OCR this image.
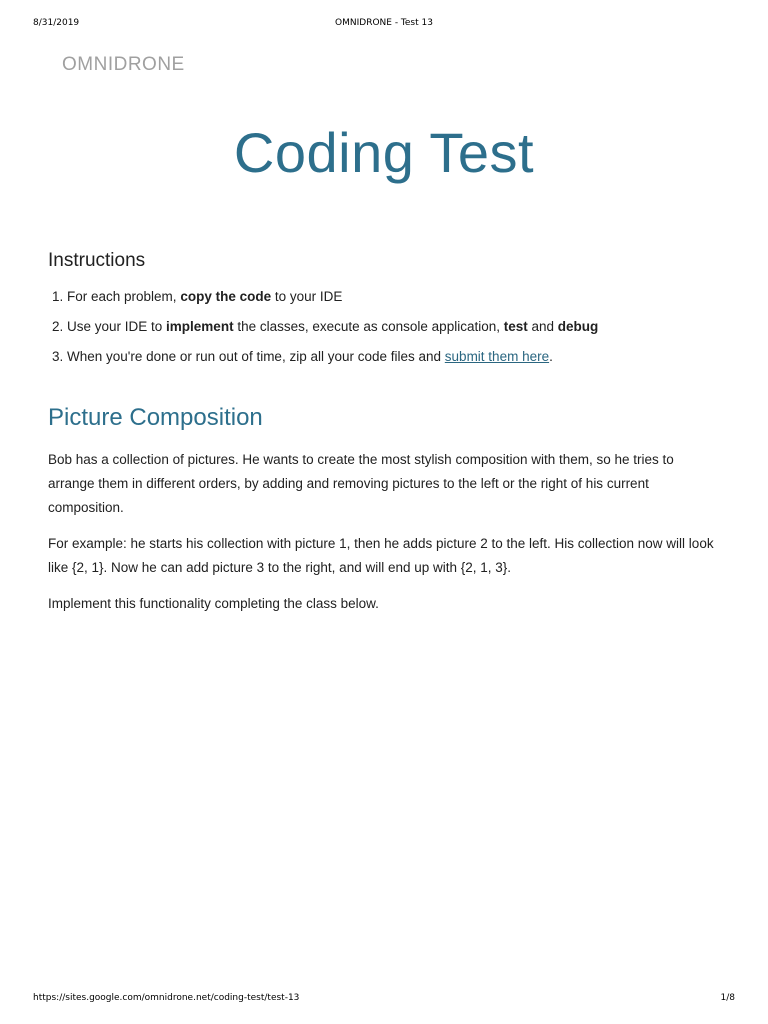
8/31/2019	OMNIDRONE - Test 13
OMNIDRONE
Coding Test
Instructions
1. For each problem, copy the code to your IDE
2. Use your IDE to implement the classes, execute as console application, test and debug
3. When you're done or run out of time, zip all your code files and submit them here.
Picture Composition

Bob has a collection of pictures. He wants to create the most stylish composition with them, so he tries to arrange them in different orders, by adding and removing pictures to the left or the right of his current composition.

For example: he starts his collection with picture 1, then he adds picture 2 to the left. His collection now will look like {2, 1}. Now he can add picture 3 to the right, and will end up with {2, 1, 3}.

Implement this functionality completing the class below.

https://sites.google.com/omnidrone.net/coding-test/test-13	1/8
